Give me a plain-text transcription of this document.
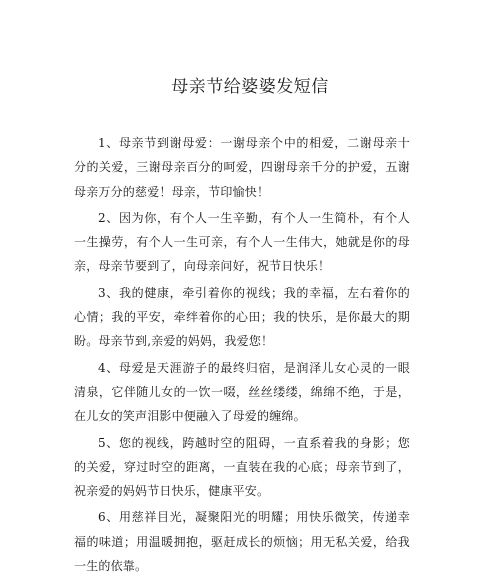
母亲节给婆婆发短信

1、母亲节到谢母爱：一谢母亲个中的相爱，二谢母亲十分的关爱，三谢母亲百分的呵爱，四谢母亲千分的护爱，五谢母亲万分的慈爱！母亲，节印愉快！

2、因为你，有个人一生辛勤，有个人一生简朴，有个人一生操劳，有个人一生可亲，有个人一生伟大，她就是你的母亲，母亲节要到了，向母亲问好，祝节日快乐！

3、我的健康，牵引着你的视线；我的幸福，左右着你的心情；我的平安，牵绊着你的心田；我的快乐，是你最大的期盼。母亲节到,亲爱的妈妈，我爱您！

4、母爱是天涯游子的最终归宿，是润泽儿女心灵的一眼清泉，它伴随儿女的一饮一啜，丝丝缕缕，绵绵不绝，于是，在儿女的笑声泪影中便融入了母爱的缠绵。

5、您的视线，跨越时空的阻碍，一直系着我的身影；您的关爱，穿过时空的距离，一直装在我的心底；母亲节到了，祝亲爱的妈妈节日快乐，健康平安。

6、用慈祥目光，凝聚阳光的明耀；用快乐微笑，传递幸福的味道；用温暖拥抱，驱赶成长的烦恼；用无私关爱，给我一生的依靠。
